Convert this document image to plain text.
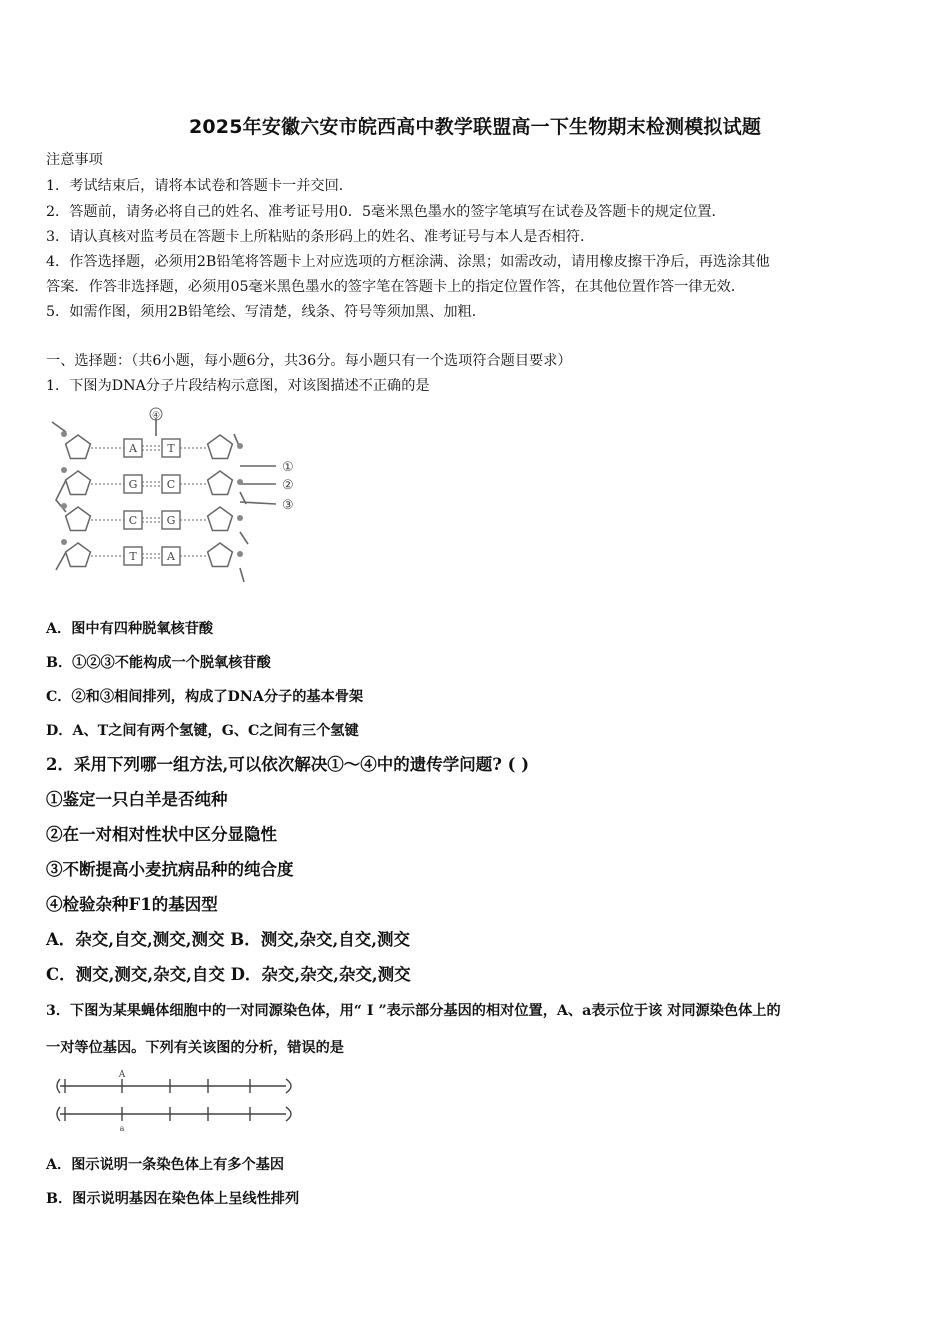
2025年安徽六安市皖西高中教学联盟高一下生物期末检测模拟试题
注意事项
1．考试结束后，请将本试卷和答题卡一并交回．
2．答题前，请务必将自己的姓名、准考证号用0．5毫米黑色墨水的签字笔填写在试卷及答题卡的规定位置．
3．请认真核对监考员在答题卡上所粘贴的条形码上的姓名、准考证号与本人是否相符．
4．作答选择题，必须用2B铅笔将答题卡上对应选项的方框涂满、涂黑；如需改动，请用橡皮擦干净后，再选涂其他
答案．作答非选择题，必须用05毫米黑色墨水的签字笔在答题卡上的指定位置作答，在其他位置作答一律无效．
5．如需作图，须用2B铅笔绘、写清楚，线条、符号等须加黑、加粗．
一、选择题：（共6小题，每小题6分，共36分。每小题只有一个选项符合题目要求）
1．下图为DNA分子片段结构示意图，对该图描述不正确的是
A	T
G	C
C	G
T	A
④
①
②
③
A．图中有四种脱氧核苷酸
B．①②③不能构成一个脱氧核苷酸
C．②和③相间排列，构成了DNA分子的基本骨架
D．A、T之间有两个氢键，G、C之间有三个氢键
2．采用下列哪一组方法,可以依次解决①～④中的遗传学问题? ( )
①鉴定一只白羊是否纯种
②在一对相对性状中区分显隐性
③不断提高小麦抗病品种的纯合度
④检验杂种F1的基因型
A．杂交,自交,测交,测交 B．测交,杂交,自交,测交
C．测交,测交,杂交,自交 D．杂交,杂交,杂交,测交
3．下图为某果蝇体细胞中的一对同源染色体，用“ I ”表示部分基因的相对位置，A、a表示位于该 对同源染色体上的
一对等位基因。下列有关该图的分析，错误的是
A
a
A．图示说明一条染色体上有多个基因
B．图示说明基因在染色体上呈线性排列
